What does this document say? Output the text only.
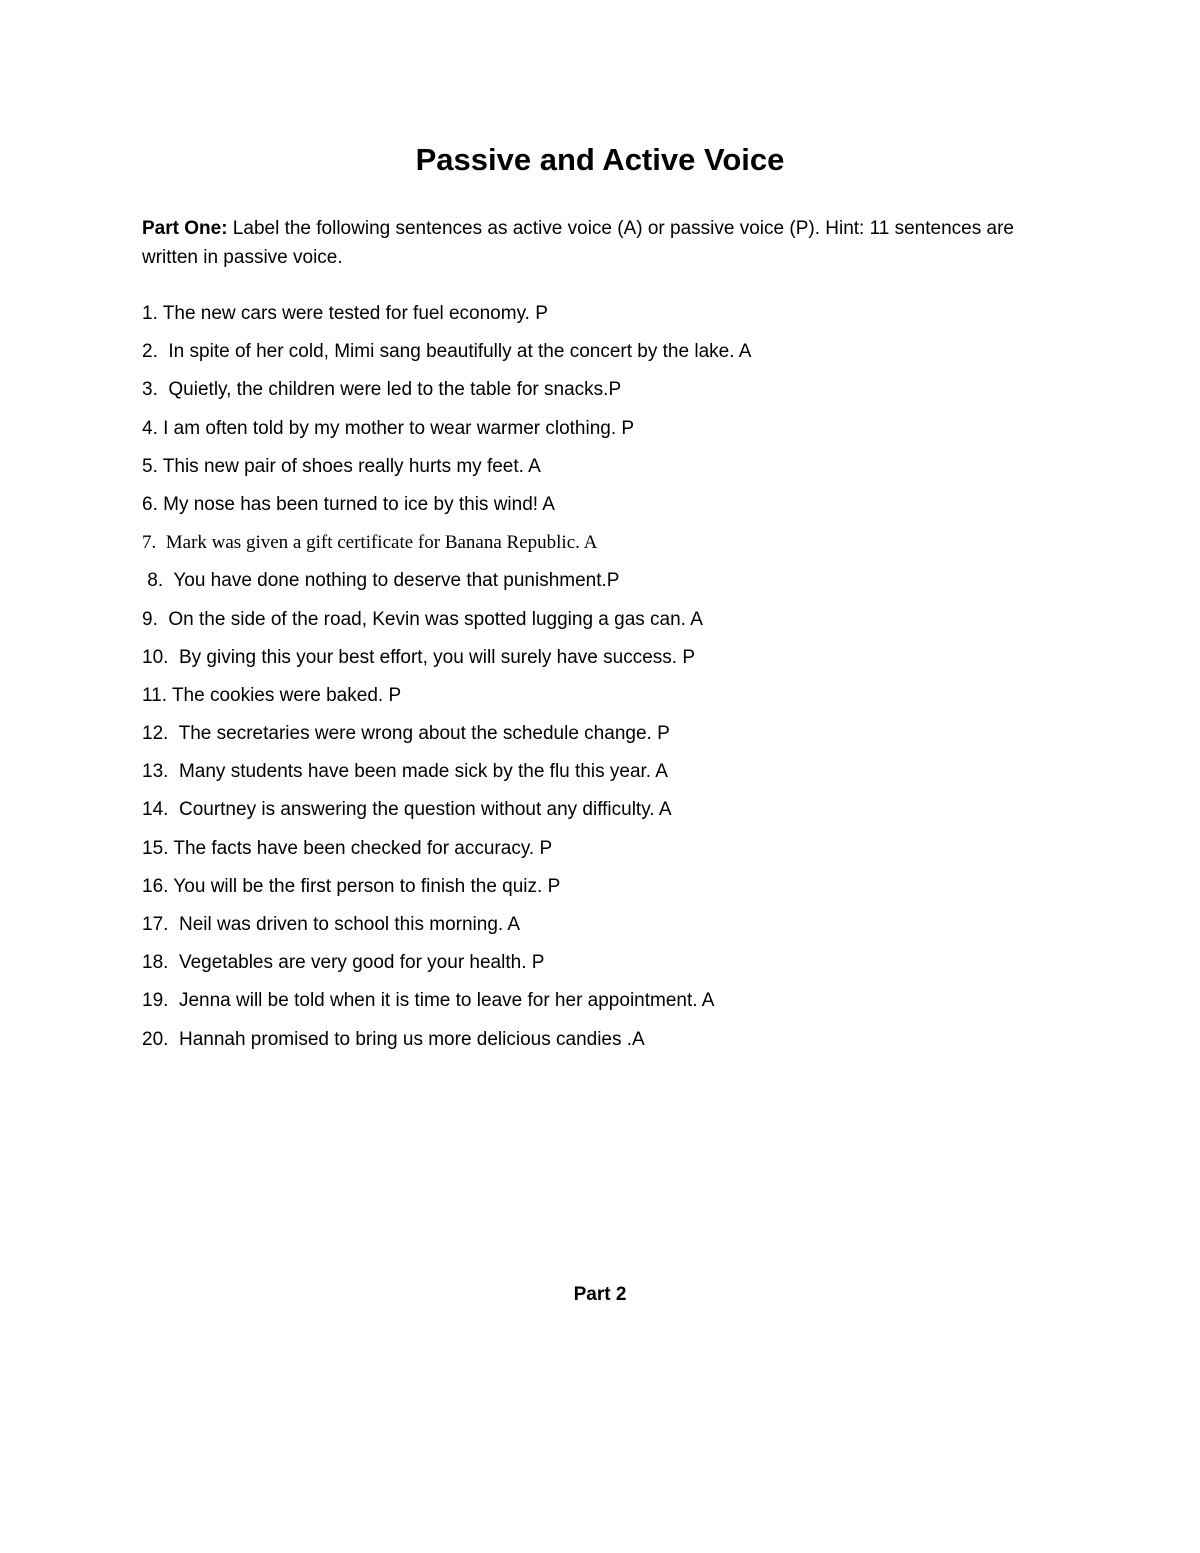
Passive and Active Voice

Part One: Label the following sentences as active voice (A) or passive voice (P). Hint: 11 sentences are written in passive voice.

1. The new cars were tested for fuel economy. P
2.  In spite of her cold, Mimi sang beautifully at the concert by the lake. A
3.  Quietly, the children were led to the table for snacks.P
4. I am often told by my mother to wear warmer clothing. P
5. This new pair of shoes really hurts my feet. A
6. My nose has been turned to ice by this wind! A
7.  Mark was given a gift certificate for Banana Republic. A
8.  You have done nothing to deserve that punishment.P
9.  On the side of the road, Kevin was spotted lugging a gas can. A
10.  By giving this your best effort, you will surely have success. P
11. The cookies were baked. P
12.  The secretaries were wrong about the schedule change. P
13.  Many students have been made sick by the flu this year. A
14.  Courtney is answering the question without any difficulty. A
15. The facts have been checked for accuracy. P
16. You will be the first person to finish the quiz. P
17.  Neil was driven to school this morning. A
18.  Vegetables are very good for your health. P
19.  Jenna will be told when it is time to leave for her appointment. A
20.  Hannah promised to bring us more delicious candies .A
Part 2
